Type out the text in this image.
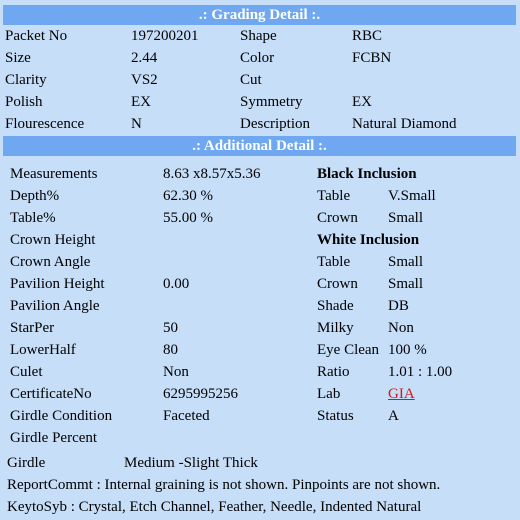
.: Grading Detail :.
Packet No	197200201	Shape	RBC
Size	2.44	Color	FCBN
Clarity	VS2	Cut
Polish	EX	Symmetry	EX
Flourescence	N	Description	Natural Diamond
.: Additional Detail :.
Measurements	8.63 x8.57x5.36
Depth%	62.30 %
Table%	55.00 %
Crown Height
Crown Angle
Pavilion Height	0.00
Pavilion Angle
StarPer	50
LowerHalf	80
Culet	Non
CertificateNo	6295995256
Girdle Condition	Faceted
Girdle Percent
Black Inclusion
Table	V.Small
Crown Small
White Inclusion
Table	Small
Crown Small
Shade DB
Milky Non
Eye Clean 100 %
Ratio	1.01 : 1.00
Lab	GIA
Status A
Girdle	Medium -Slight Thick
ReportCommt : Internal graining is not shown. Pinpoints are not shown.
KeytoSyb : Crystal, Etch Channel, Feather, Needle, Indented Natural
